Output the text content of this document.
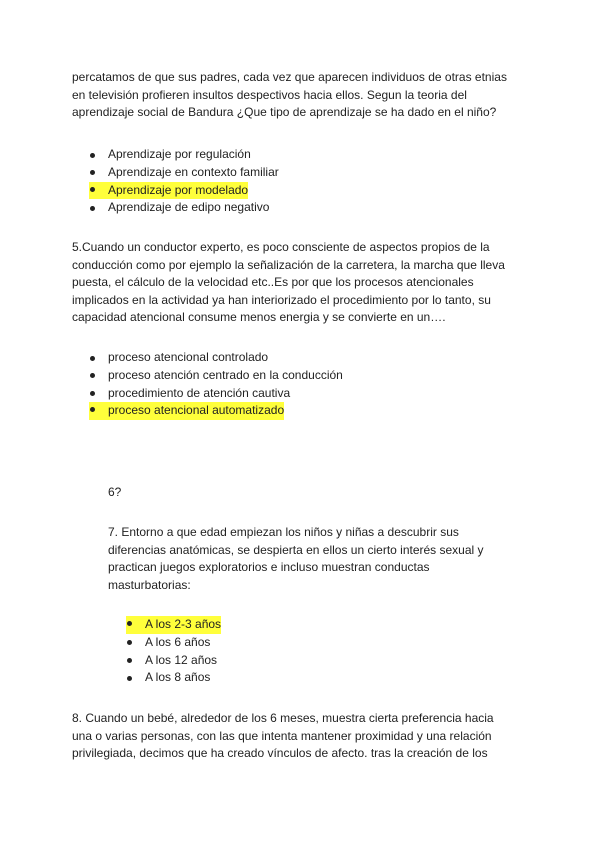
percatamos de que sus padres, cada vez que aparecen individuos de otras etnias
en televisión profieren insultos despectivos hacia ellos. Segun la teoria del
aprendizaje social de Bandura ¿Que tipo de aprendizaje se ha dado en el niño?
Aprendizaje por regulación
Aprendizaje en contexto familiar
Aprendizaje por modelado
Aprendizaje de edipo negativo
5.Cuando un conductor experto, es poco consciente de aspectos propios de la
conducción como por ejemplo la señalización de la carretera, la marcha que lleva
puesta, el cálculo de la velocidad etc..Es por que los procesos atencionales
implicados en la actividad ya han interiorizado el procedimiento por lo tanto, su
capacidad atencional consume menos energia y se convierte en un….
proceso atencional controlado
proceso atención centrado en la conducción
procedimiento de atención cautiva
proceso atencional automatizado
6?
7. Entorno a que edad empiezan los niños y niñas a descubrir sus
diferencias anatómicas, se despierta en ellos un cierto interés sexual y
practican juegos exploratorios e incluso muestran conductas
masturbatorias:
A los 2-3 años
A los 6 años
A los 12 años
A los 8 años
8. Cuando un bebé, alrededor de los 6 meses, muestra cierta preferencia hacia
una o varias personas, con las que intenta mantener proximidad y una relación
privilegiada, decimos que ha creado vínculos de afecto. tras la creación de los
